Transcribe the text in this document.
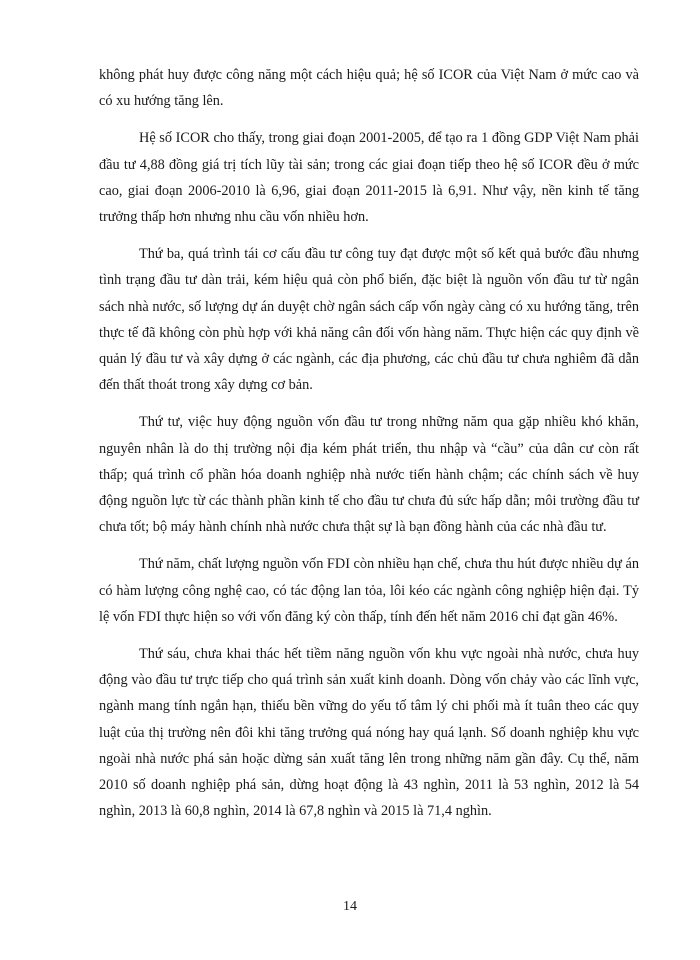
không phát huy được công năng một cách hiệu quả; hệ số ICOR của Việt Nam ở mức cao và có xu hướng tăng lên.

Hệ số ICOR cho thấy, trong giai đoạn 2001-2005, để tạo ra 1 đồng GDP Việt Nam phải đầu tư 4,88 đồng giá trị tích lũy tài sản; trong các giai đoạn tiếp theo hệ số ICOR đều ở mức cao, giai đoạn 2006-2010 là 6,96, giai đoạn 2011-2015 là 6,91. Như vậy, nền kinh tế tăng trưởng thấp hơn nhưng nhu cầu vốn nhiều hơn.

Thứ ba, quá trình tái cơ cấu đầu tư công tuy đạt được một số kết quả bước đầu nhưng tình trạng đầu tư dàn trải, kém hiệu quả còn phổ biến, đặc biệt là nguồn vốn đầu tư từ ngân sách nhà nước, số lượng dự án duyệt chờ ngân sách cấp vốn ngày càng có xu hướng tăng, trên thực tế đã không còn phù hợp với khả năng cân đối vốn hàng năm. Thực hiện các quy định về quản lý đầu tư và xây dựng ở các ngành, các địa phương, các chủ đầu tư chưa nghiêm đã dẫn đến thất thoát trong xây dựng cơ bản.

Thứ tư, việc huy động nguồn vốn đầu tư trong những năm qua gặp nhiều khó khăn, nguyên nhân là do thị trường nội địa kém phát triển, thu nhập và “cầu” của dân cư còn rất thấp; quá trình cổ phần hóa doanh nghiệp nhà nước tiến hành chậm; các chính sách về huy động nguồn lực từ các thành phần kinh tế cho đầu tư chưa đủ sức hấp dẫn; môi trường đầu tư chưa tốt; bộ máy hành chính nhà nước chưa thật sự là bạn đồng hành của các nhà đầu tư.

Thứ năm, chất lượng nguồn vốn FDI còn nhiều hạn chế, chưa thu hút được nhiều dự án có hàm lượng công nghệ cao, có tác động lan tỏa, lôi kéo các ngành công nghiệp hiện đại. Tỷ lệ vốn FDI thực hiện so với vốn đăng ký còn thấp, tính đến hết năm 2016 chỉ đạt gần 46%.

Thứ sáu, chưa khai thác hết tiềm năng nguồn vốn khu vực ngoài nhà nước, chưa huy động vào đầu tư trực tiếp cho quá trình sản xuất kinh doanh. Dòng vốn chảy vào các lĩnh vực, ngành mang tính ngắn hạn, thiếu bền vững do yếu tố tâm lý chi phối mà ít tuân theo các quy luật của thị trường nên đôi khi tăng trưởng quá nóng hay quá lạnh. Số doanh nghiệp khu vực ngoài nhà nước phá sản hoặc dừng sản xuất tăng lên trong những năm gần đây. Cụ thể, năm 2010 số doanh nghiệp phá sản, dừng hoạt động là 43 nghìn, 2011 là 53 nghìn, 2012 là 54 nghìn, 2013 là 60,8 nghìn, 2014 là 67,8 nghìn và 2015 là 71,4 nghìn.

14
